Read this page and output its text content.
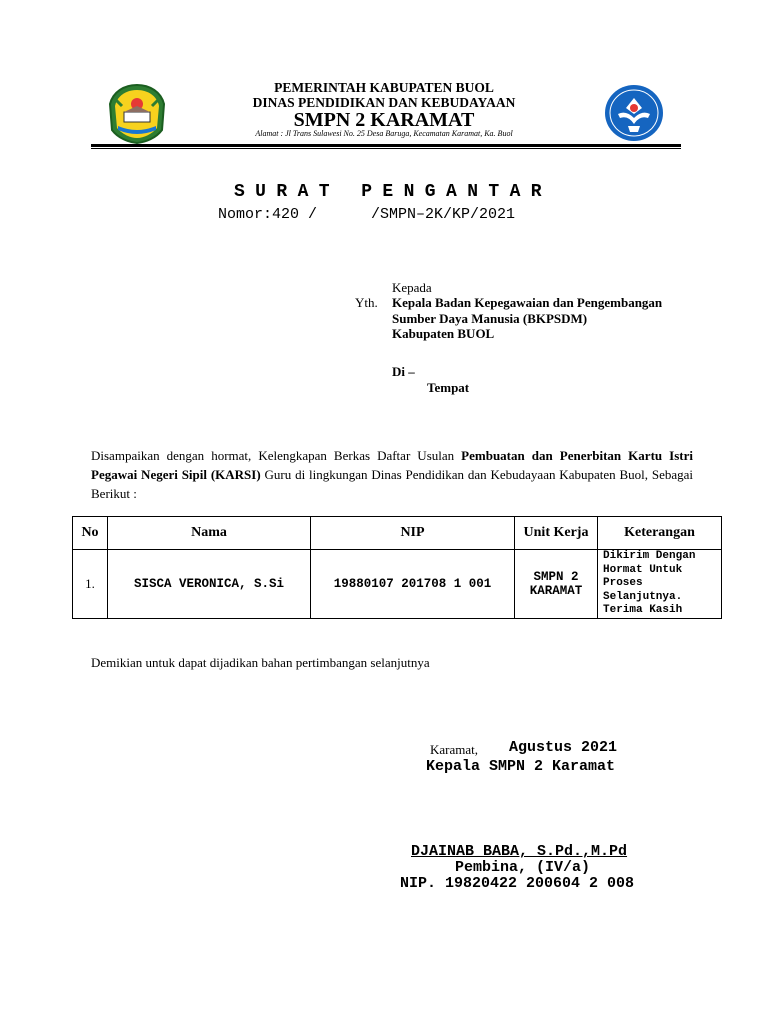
PEMERINTAH KABUPATEN BUOL
DINAS PENDIDIKAN DAN KEBUDAYAAN
SMPN 2 KARAMAT
Alamat : Jl Trans Sulawesi No. 25 Desa Baruga, Kecamatan Karamat, Ka. Buol
SURAT PENGANTAR
Nomor:420 /      /SMPN–2K/KP/2021
Kepada
Yth. Kepala Badan Kepegawaian dan Pengembangan
Sumber Daya Manusia (BKPSDM)
Kabupaten BUOL
Di –
Tempat
Disampaikan dengan hormat, Kelengkapan Berkas Daftar Usulan Pembuatan dan Penerbitan Kartu Istri Pegawai Negeri Sipil (KARSI) Guru di lingkungan Dinas Pendidikan dan Kebudayaan Kabupaten Buol, Sebagai Berikut :
No	Nama	NIP	Unit Kerja	Keterangan
1.	SISCA VERONICA, S.Si	19880107 201708 1 001	SMPN 2 KARAMAT	Dikirim Dengan Hormat Untuk Proses Selanjutnya. Terima Kasih
Demikian untuk dapat dijadikan bahan pertimbangan selanjutnya
Karamat, Agustus 2021
Kepala SMPN 2 Karamat
DJAINAB BABA, S.Pd.,M.Pd
Pembina, (IV/a)
NIP. 19820422 200604 2 008
